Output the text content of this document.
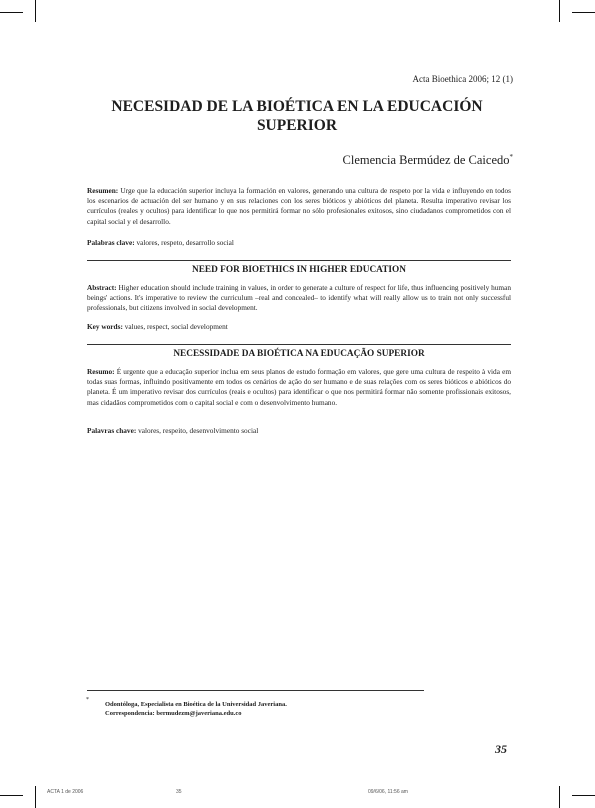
Acta Bioethica 2006; 12 (1)
NECESIDAD DE LA BIOÉTICA EN LA EDUCACIÓN SUPERIOR
Clemencia Bermúdez de Caicedo*
Resumen: Urge que la educación superior incluya la formación en valores, generando una cultura de respeto por la vida e influyendo en todos los escenarios de actuación del ser humano y en sus relaciones con los seres bióticos y abióticos del planeta. Resulta imperativo revisar los currículos (reales y ocultos) para identificar lo que nos permitirá formar no sólo profesionales exitosos, sino ciudadanos comprometidos con el capital social y el desarrollo.
Palabras clave: valores, respeto, desarrollo social
NEED FOR BIOETHICS IN HIGHER EDUCATION
Abstract: Higher education should include training in values, in order to generate a culture of respect for life, thus influencing positively human beings' actions. It's imperative to review the curriculum –real and concealed– to identify what will really allow us to train not only successful professionals, but citizens involved in social development.
Key words: values, respect, social development
NECESSIDADE DA BIOÉTICA NA EDUCAÇÃO SUPERIOR
Resumo: É urgente que a educação superior inclua em seus planos de estudo formação em valores, que gere uma cultura de respeito à vida em todas suas formas, influindo positivamente em todos os cenários de ação do ser humano e de suas relações com os seres bióticos e abióticos do planeta. É um imperativo revisar dos currículos (reais e ocultos) para identificar o que nos permitirá formar não somente profissionais exitosos, mas cidadãos comprometidos com o capital social e com o desenvolvimento humano.
Palavras chave: valores, respeito, desenvolvimento social
*
Odontóloga, Especialista en Bioética de la Universidad Javeriana.
Correspondencia: bermudezm@javeriana.edu.co
35
ACTA 1 de 2006	35	09/6/06, 11:56 am
